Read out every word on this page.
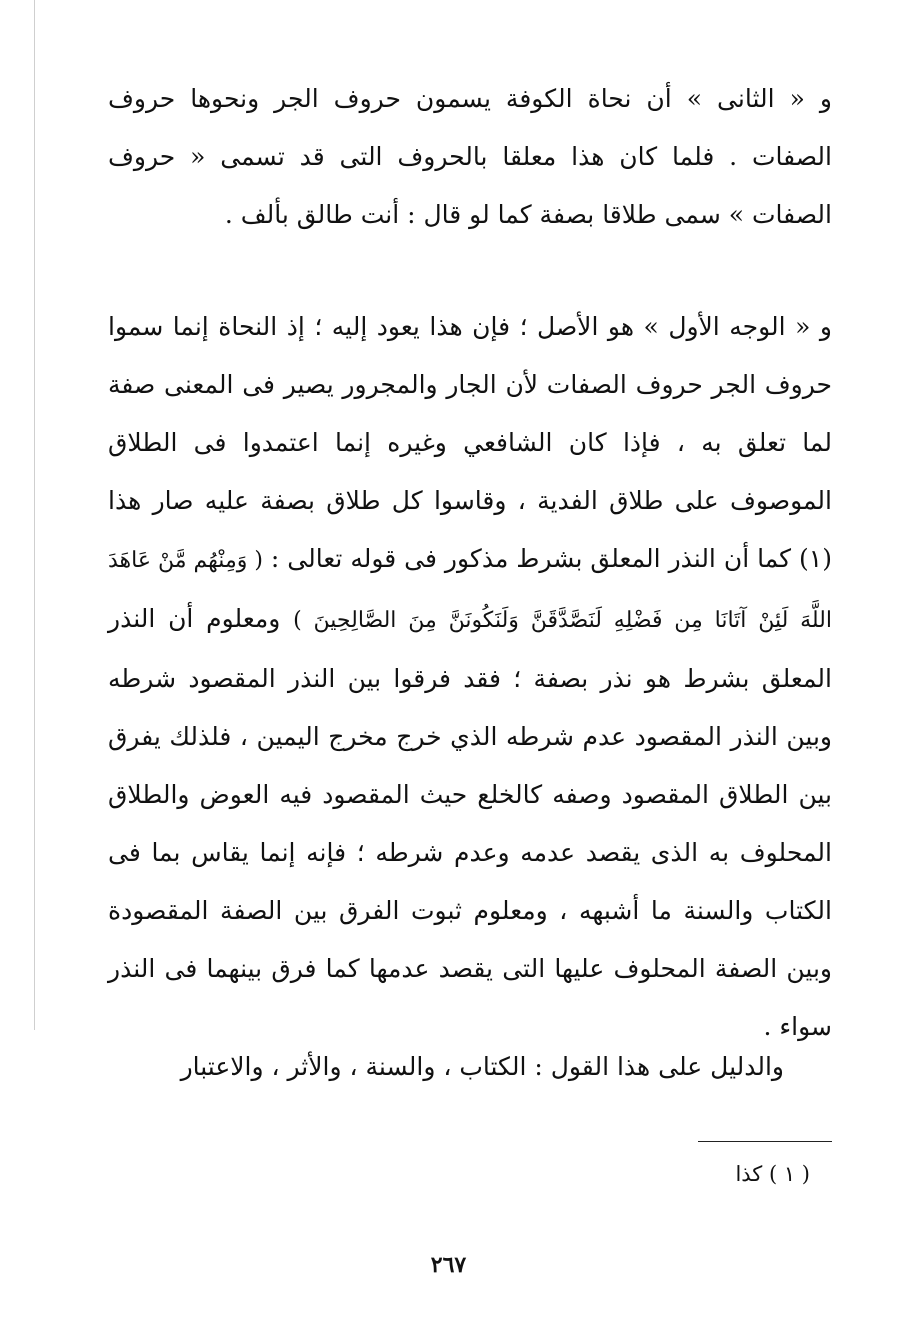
و « الثانى » أن نحاة الكوفة يسمون حروف الجر ونحوها حروف الصفات . فلما كان هذا معلقا بالحروف التى قد تسمى « حروف الصفات » سمى طلاقا بصفة كما لو قال : أنت طالق بألف .

و « الوجه الأول » هو الأصل ؛ فإن هذا يعود إليه ؛ إذ النحاة إنما سموا حروف الجر حروف الصفات لأن الجار والمجرور يصير فى المعنى صفة لما تعلق به ، فإذا كان الشافعي وغيره إنما اعتمدوا فى الطلاق الموصوف على طلاق الفدية ، وقاسوا كل طلاق بصفة عليه صار هذا (١) كما أن النذر المعلق بشرط مذكور فى قوله تعالى : ( وَمِنْهُم مَّنْ عَاهَدَ اللَّهَ لَئِنْ آتَانَا مِن فَضْلِهِ لَنَصَّدَّقَنَّ وَلَنَكُونَنَّ مِنَ الصَّالِحِينَ ) ومعلوم أن النذر المعلق بشرط هو نذر بصفة ؛ فقد فرقوا بين النذر المقصود شرطه وبين النذر المقصود عدم شرطه الذي خرج مخرج اليمين ، فلذلك يفرق بين الطلاق المقصود وصفه كالخلع حيث المقصود فيه العوض والطلاق المحلوف به الذى يقصد عدمه وعدم شرطه ؛ فإنه إنما يقاس بما فى الكتاب والسنة ما أشبهه ، ومعلوم ثبوت الفرق بين الصفة المقصودة وبين الصفة المحلوف عليها التى يقصد عدمها كما فرق بينهما فى النذر سواء .

والدليل على هذا القول : الكتاب ، والسنة ، والأثر ، والاعتبار

( ١ ) كذا
٢٦٧
